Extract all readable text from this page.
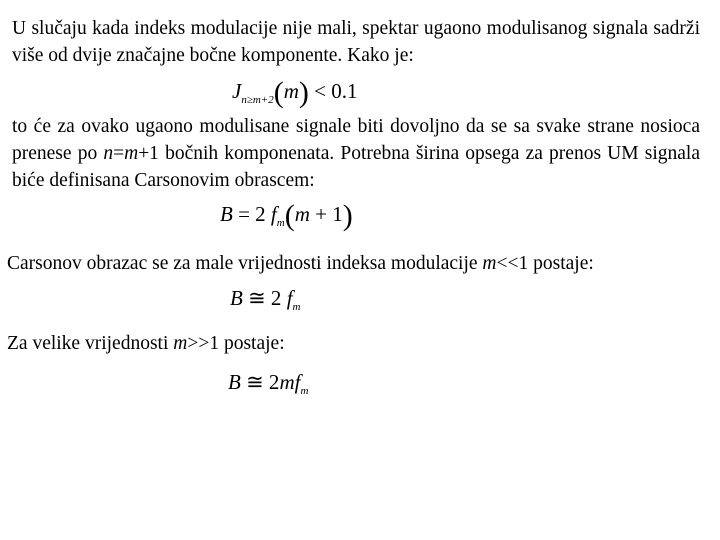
U slučaju kada indeks modulacije nije mali, spektar ugaono modulisanog signala sadrži više od dvije značajne bočne komponente. Kako je:
$J_{n\ge m+2}(m) < 0.1$
to će za ovako ugaono modulisane signale biti dovoljno da se sa svake strane nosioca prenese po n=m+1 bočnih komponenata. Potrebna širina opsega za prenos UM signala biće definisana Carsonovim obrascem:
B = 2 $f_m(m + 1)$
Carsonov obrazac se za male vrijednosti indeksa modulacije m<<1 postaje:
B ≅ 2 $f_m$
Za velike vrijednosti m>>1 postaje:
B ≅ $2mf_m$
